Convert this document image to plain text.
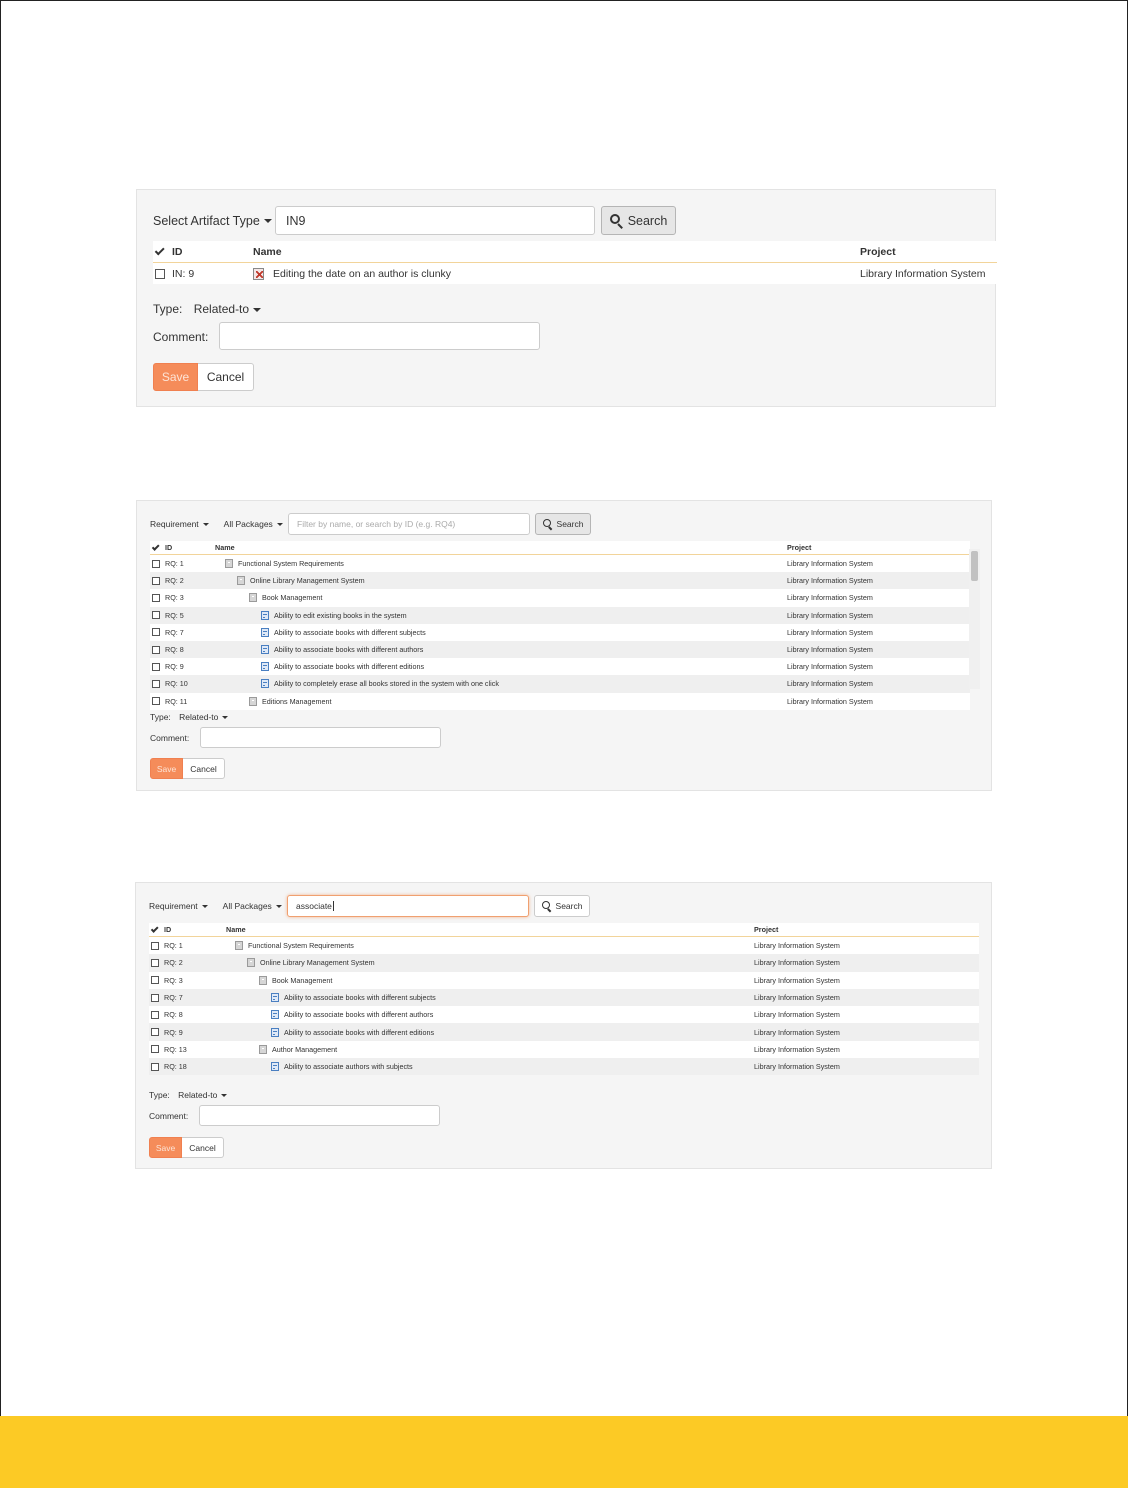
Select Artifact Type	IN9	Search
ID	Name	Project
IN: 9	Editing the date on an author is clunky	Library Information System
Type: Related-to
Comment:
Save	Cancel
Requirement	All Packages	Filter by name, or search by ID (e.g. RQ4)	Search
ID	Name	Project
RQ: 1	Functional System Requirements	Library Information System
RQ: 2	Online Library Management System	Library Information System
RQ: 3	Book Management	Library Information System
RQ: 5	Ability to edit existing books in the system	Library Information System
RQ: 7	Ability to associate books with different subjects	Library Information System
RQ: 8	Ability to associate books with different authors	Library Information System
RQ: 9	Ability to associate books with different editions	Library Information System
RQ: 10	Ability to completely erase all books stored in the system with one click	Library Information System
RQ: 11	Editions Management	Library Information System
Type: Related-to
Comment:
Save	Cancel
Requirement	All Packages	associate	Search
ID	Name	Project
RQ: 1	Functional System Requirements	Library Information System
RQ: 2	Online Library Management System	Library Information System
RQ: 3	Book Management	Library Information System
RQ: 7	Ability to associate books with different subjects	Library Information System
RQ: 8	Ability to associate books with different authors	Library Information System
RQ: 9	Ability to associate books with different editions	Library Information System
RQ: 13	Author Management	Library Information System
RQ: 18	Ability to associate authors with subjects	Library Information System
Type: Related-to
Comment:
Save	Cancel
